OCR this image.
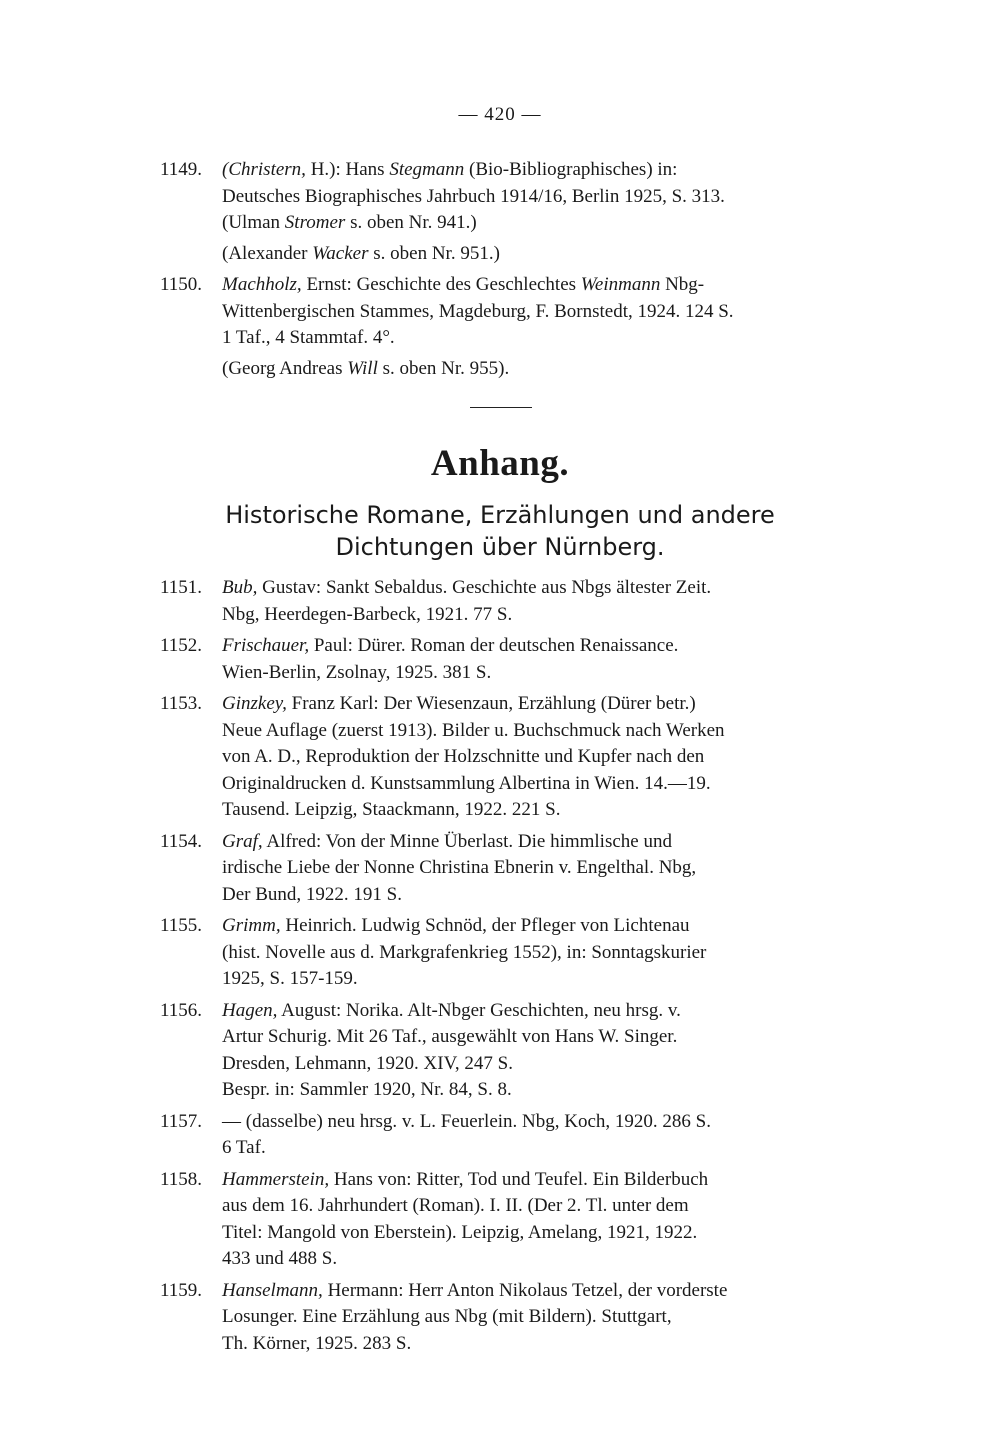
— 420 —
1149. (Christern, H.): Hans Stegmann (Bio-Bibliographisches) in:
Deutsches Biographisches Jahrbuch 1914/16, Berlin 1925, S. 313.
(Ulman Stromer s. oben Nr. 941.)
(Alexander Wacker s. oben Nr. 951.)
1150. Machholz, Ernst: Geschichte des Geschlechtes Weinmann Nbg-
Wittenbergischen Stammes, Magdeburg, F. Bornstedt, 1924. 124 S.
1 Taf., 4 Stammtaf. 4°.
(Georg Andreas Will s. oben Nr. 955).
Anhang.
Historische Romane, Erzählungen und andere
Dichtungen über Nürnberg.
1151. Bub, Gustav: Sankt Sebaldus. Geschichte aus Nbgs ältester Zeit.
Nbg, Heerdegen-Barbeck, 1921. 77 S.
1152. Frischauer, Paul: Dürer. Roman der deutschen Renaissance.
Wien-Berlin, Zsolnay, 1925. 381 S.
1153. Ginzkey, Franz Karl: Der Wiesenzaun, Erzählung (Dürer betr.)
Neue Auflage (zuerst 1913). Bilder u. Buchschmuck nach Werken
von A. D., Reproduktion der Holzschnitte und Kupfer nach den
Originaldrucken d. Kunstsammlung Albertina in Wien. 14.—19.
Tausend. Leipzig, Staackmann, 1922. 221 S.
1154. Graf, Alfred: Von der Minne Überlast. Die himmlische und
irdische Liebe der Nonne Christina Ebnerin v. Engelthal. Nbg,
Der Bund, 1922. 191 S.
1155. Grimm, Heinrich. Ludwig Schnöd, der Pfleger von Lichtenau
(hist. Novelle aus d. Markgrafenkrieg 1552), in: Sonntagskurier
1925, S. 157-159.
1156. Hagen, August: Norika. Alt-Nbger Geschichten, neu hrsg. v.
Artur Schurig. Mit 26 Taf., ausgewählt von Hans W. Singer.
Dresden, Lehmann, 1920. XIV, 247 S.
Bespr. in: Sammler 1920, Nr. 84, S. 8.
1157. — (dasselbe) neu hrsg. v. L. Feuerlein. Nbg, Koch, 1920. 286 S.
6 Taf.
1158. Hammerstein, Hans von: Ritter, Tod und Teufel. Ein Bilderbuch
aus dem 16. Jahrhundert (Roman). I. II. (Der 2. Tl. unter dem
Titel: Mangold von Eberstein). Leipzig, Amelang, 1921, 1922.
433 und 488 S.
1159. Hanselmann, Hermann: Herr Anton Nikolaus Tetzel, der vorderste
Losunger. Eine Erzählung aus Nbg (mit Bildern). Stuttgart,
Th. Körner, 1925. 283 S.
